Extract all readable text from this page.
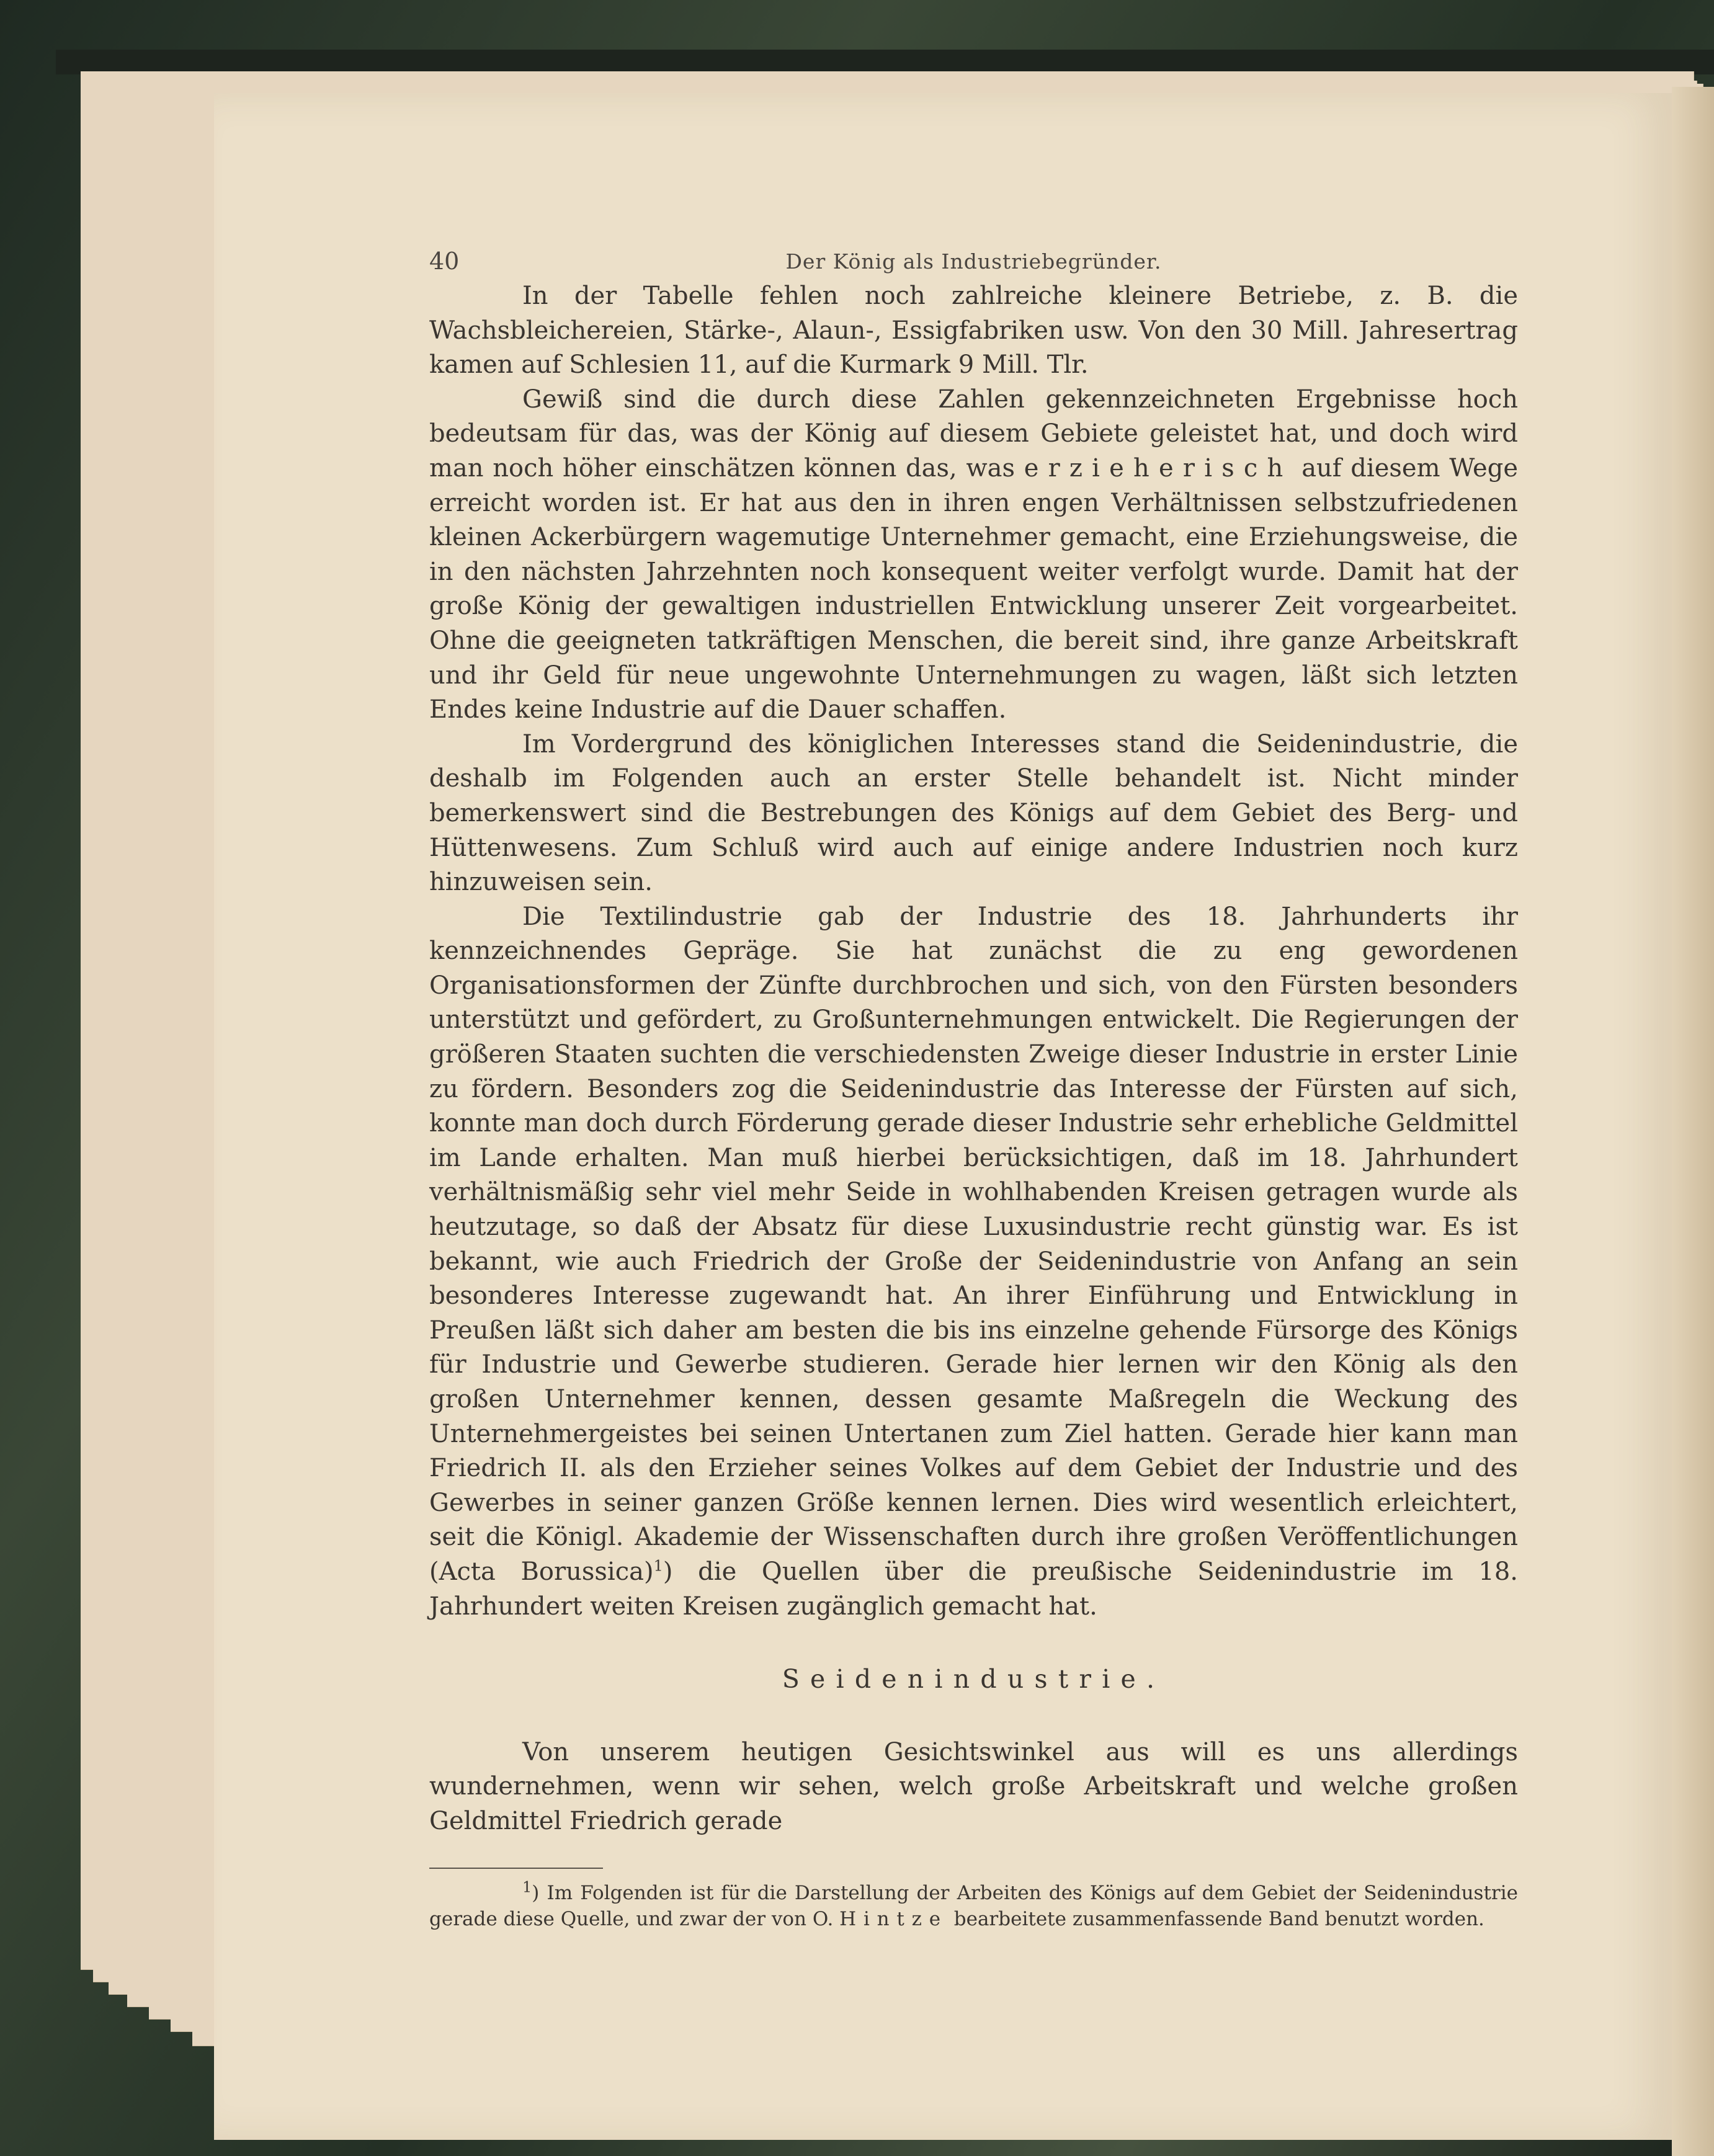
40	Der König als Industriebegründer.

In der Tabelle fehlen noch zahlreiche kleinere Betriebe, z. B. die Wachsbleichereien, Stärke-, Alaun-, Essigfabriken usw. Von den 30 Mill. Jahresertrag kamen auf Schlesien 11, auf die Kurmark 9 Mill. Tlr.

Gewiß sind die durch diese Zahlen gekennzeichneten Ergebnisse hoch bedeutsam für das, was der König auf diesem Gebiete geleistet hat, und doch wird man noch höher einschätzen können das, was erzieherisch auf diesem Wege erreicht worden ist. Er hat aus den in ihren engen Verhältnissen selbstzufriedenen kleinen Ackerbürgern wagemutige Unternehmer gemacht, eine Erziehungsweise, die in den nächsten Jahrzehnten noch konsequent weiter verfolgt wurde. Damit hat der große König der gewaltigen industriellen Entwicklung unserer Zeit vorgearbeitet. Ohne die geeigneten tatkräftigen Menschen, die bereit sind, ihre ganze Arbeitskraft und ihr Geld für neue ungewohnte Unternehmungen zu wagen, läßt sich letzten Endes keine Industrie auf die Dauer schaffen.

Im Vordergrund des königlichen Interesses stand die Seidenindustrie, die deshalb im Folgenden auch an erster Stelle behandelt ist. Nicht minder bemerkenswert sind die Bestrebungen des Königs auf dem Gebiet des Berg- und Hüttenwesens. Zum Schluß wird auch auf einige andere Industrien noch kurz hinzuweisen sein.

Die Textilindustrie gab der Industrie des 18. Jahrhunderts ihr kennzeichnendes Gepräge. Sie hat zunächst die zu eng gewordenen Organisationsformen der Zünfte durchbrochen und sich, von den Fürsten besonders unterstützt und gefördert, zu Großunternehmungen entwickelt. Die Regierungen der größeren Staaten suchten die verschiedensten Zweige dieser Industrie in erster Linie zu fördern. Besonders zog die Seidenindustrie das Interesse der Fürsten auf sich, konnte man doch durch Förderung gerade dieser Industrie sehr erhebliche Geldmittel im Lande erhalten. Man muß hierbei berücksichtigen, daß im 18. Jahrhundert verhältnismäßig sehr viel mehr Seide in wohlhabenden Kreisen getragen wurde als heutzutage, so daß der Absatz für diese Luxusindustrie recht günstig war. Es ist bekannt, wie auch Friedrich der Große der Seidenindustrie von Anfang an sein besonderes Interesse zugewandt hat. An ihrer Einführung und Entwicklung in Preußen läßt sich daher am besten die bis ins einzelne gehende Fürsorge des Königs für Industrie und Gewerbe studieren. Gerade hier lernen wir den König als den großen Unternehmer kennen, dessen gesamte Maßregeln die Weckung des Unternehmergeistes bei seinen Untertanen zum Ziel hatten. Gerade hier kann man Friedrich II. als den Erzieher seines Volkes auf dem Gebiet der Industrie und des Gewerbes in seiner ganzen Größe kennen lernen. Dies wird wesentlich erleichtert, seit die Königl. Akademie der Wissenschaften durch ihre großen Veröffentlichungen (Acta Borussica)$^1$) die Quellen über die preußische Seidenindustrie im 18. Jahrhundert weiten Kreisen zugänglich gemacht hat.

Seidenindustrie.

Von unserem heutigen Gesichtswinkel aus will es uns allerdings wundernehmen, wenn wir sehen, welch große Arbeitskraft und welche großen Geldmittel Friedrich gerade

$^1$) Im Folgenden ist für die Darstellung der Arbeiten des Königs auf dem Gebiet der Seidenindustrie gerade diese Quelle, und zwar der von O. Hintze bearbeitete zusammenfassende Band benutzt worden.
